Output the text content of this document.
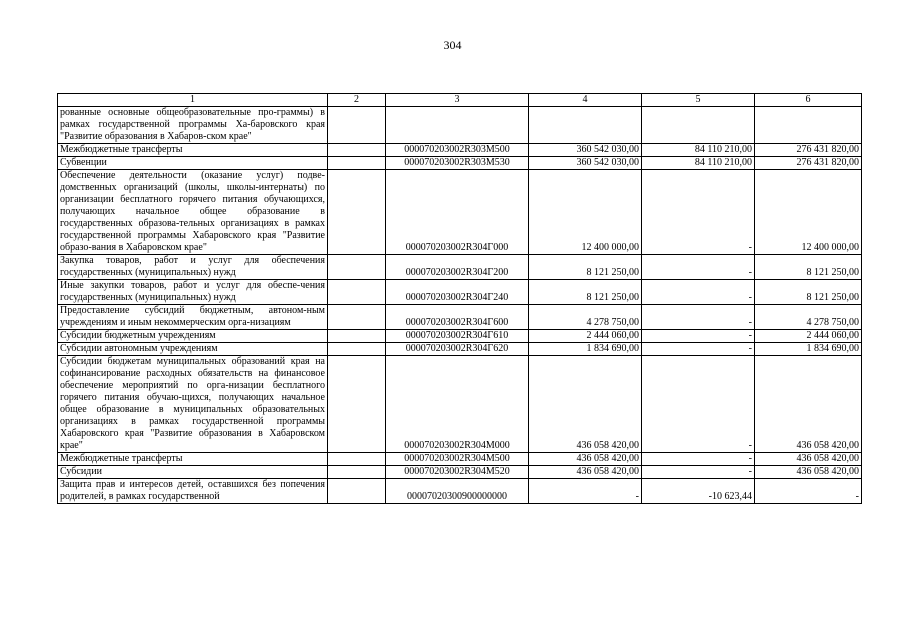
304
1	2	3	4	5	6
рованные основные общеобразовательные про-граммы) в рамках государственной программы Ха-баровского края "Развитие образования в Хабаров-ском крае"					
Межбюджетные трансферты		000070203002R303M500	360 542 030,00	84 110 210,00	276 431 820,00
Субвенции		000070203002R303M530	360 542 030,00	84 110 210,00	276 431 820,00
Обеспечение деятельности (оказание услуг) подве-домственных организаций (школы, школы-интернаты) по организации бесплатного горячего питания обучающихся, получающих начальное общее образование в государственных образова-тельных организациях в рамках государственной программы Хабаровского края "Развитие образо-вания в Хабаровском крае"		000070203002R304Г000	12 400 000,00	-	12 400 000,00
Закупка товаров, работ и услуг для обеспечения государственных (муниципальных) нужд		000070203002R304Г200	8 121 250,00	-	8 121 250,00
Иные закупки товаров, работ и услуг для обеспе-чения государственных (муниципальных) нужд		000070203002R304Г240	8 121 250,00	-	8 121 250,00
Предоставление субсидий бюджетным, автоном-ным учреждениям и иным некоммерческим орга-низациям		000070203002R304Г600	4 278 750,00	-	4 278 750,00
Субсидии бюджетным учреждениям		000070203002R304Г610	2 444 060,00	-	2 444 060,00
Субсидии автономным учреждениям		000070203002R304Г620	1 834 690,00	-	1 834 690,00
Субсидии бюджетам муниципальных образований края на софинансирование расходных обязательств на финансовое обеспечение мероприятий по орга-низации бесплатного горячего питания обучаю-щихся, получающих начальное общее образование в муниципальных образовательных организациях в рамках государственной программы Хабаровского края "Развитие образования в Хабаровском крае"		000070203002R304M000	436 058 420,00	-	436 058 420,00
Межбюджетные трансферты		000070203002R304M500	436 058 420,00	-	436 058 420,00
Субсидии		000070203002R304M520	436 058 420,00	-	436 058 420,00
Защита прав и интересов детей, оставшихся без попечения родителей, в рамках государственной		00007020300900000000	-	-10 623,44	-
